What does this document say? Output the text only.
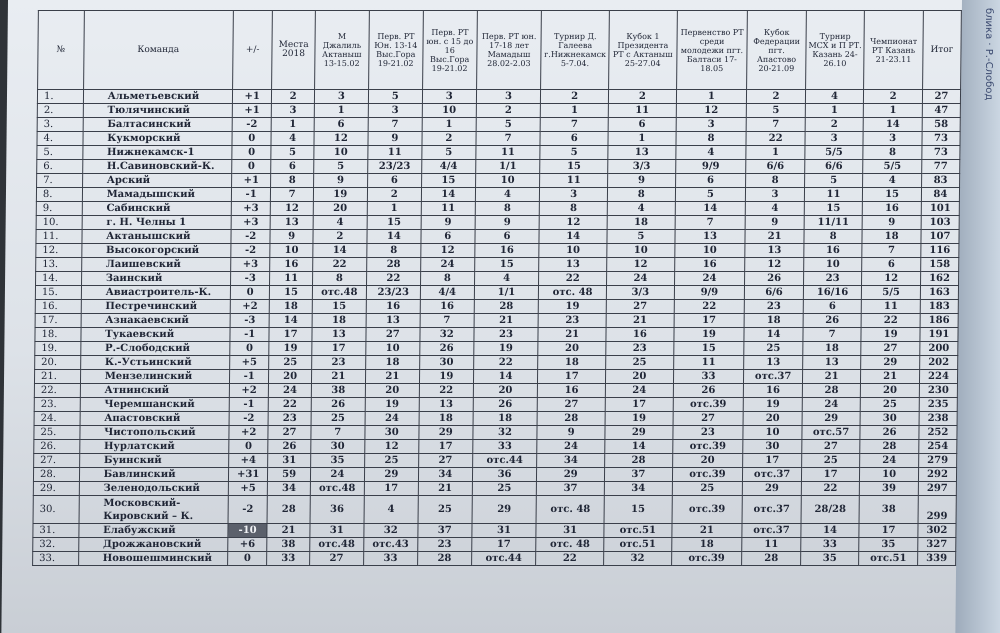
блика · Р.-Слобод
№	Команда	+/-	Места 2018	М Джалиль Актаныш 13-15.02	Перв. РТ Юн. 13-14 Выс.Гора 19-21.02	Перв. РТ юн. с 15 до 16 Выс.Гора 19-21.02	Перв. РТ юн. 17-18 лет Мамадыш 28.02-2.03	Турнир Д. Галеева г.Нижнекамск 5-7.04.	Кубок 1 Президента РТ с Актаныш 25-27.04	Первенство РТ среди молодежи пгт. Балтаси 17-18.05	Кубок Федерации пгт. Апастово 20-21.09	Турнир МСХ и П РТ. Казань 24-26.10	Чемпионат РТ Казань 21-23.11	Итог
1.	Альметьевский	+1	2	3	5	3	3	2	2	1	2	4	2	27
2.	Тюлячинский	+1	3	1	3	10	2	1	11	12	5	1	1	47
3.	Балтасинский	-2	1	6	7	1	5	7	6	3	7	2	14	58
4.	Кукморский	0	4	12	9	2	7	6	1	8	22	3	3	73
5.	Нижнекамск-1	0	5	10	11	5	11	5	13	4	1	5/5	8	73
6.	Н.Савиновский-К.	0	6	5	23/23	4/4	1/1	15	3/3	9/9	6/6	6/6	5/5	77
7.	Арский	+1	8	9	6	15	10	11	9	6	8	5	4	83
8.	Мамадышский	-1	7	19	2	14	4	3	8	5	3	11	15	84
9.	Сабинский	+3	12	20	1	11	8	8	4	14	4	15	16	101
10.	г. Н. Челны 1	+3	13	4	15	9	9	12	18	7	9	11/11	9	103
11.	Актанышский	-2	9	2	14	6	6	14	5	13	21	8	18	107
12.	Высокогорский	-2	10	14	8	12	16	10	10	10	13	16	7	116
13.	Лаишевский	+3	16	22	28	24	15	13	12	16	12	10	6	158
14.	Заинский	-3	11	8	22	8	4	22	24	24	26	23	12	162
15.	Авиастроитель-К.	0	15	отс.48	23/23	4/4	1/1	отс. 48	3/3	9/9	6/6	16/16	5/5	163
16.	Пестречинский	+2	18	15	16	16	28	19	27	22	23	6	11	183
17.	Азнакаевский	-3	14	18	13	7	21	23	21	17	18	26	22	186
18.	Тукаевский	-1	17	13	27	32	23	21	16	19	14	7	19	191
19.	Р.-Слободский	0	19	17	10	26	19	20	23	15	25	18	27	200
20.	К.-Устьинский	+5	25	23	18	30	22	18	25	11	13	13	29	202
21.	Мензелинский	-1	20	21	21	19	14	17	20	33	отс.37	21	21	224
22.	Атнинский	+2	24	38	20	22	20	16	24	26	16	28	20	230
23.	Черемшанский	-1	22	26	19	13	26	27	17	отс.39	19	24	25	235
24.	Апастовский	-2	23	25	24	18	18	28	19	27	20	29	30	238
25.	Чистопольский	+2	27	7	30	29	32	9	29	23	10	отс.57	26	252
26.	Нурлатский	0	26	30	12	17	33	24	14	отс.39	30	27	28	254
27.	Буинский	+4	31	35	25	27	отс.44	34	28	20	17	25	24	279
28.	Бавлинский	+31	59	24	29	34	36	29	37	отс.39	отс.37	17	10	292
29.	Зеленодольский	+5	34	отс.48	17	21	25	37	34	25	29	22	39	297
30.	Московский-Кировский – К.	-2	28	36	4	25	29	отс. 48	15	отс.39	отс.37	28/28	38	299
31.	Елабужский	-10	21	31	32	37	31	31	отс.51	21	отс.37	14	17	302
32.	Дрожжановский	+6	38	отс.48	отс.43	23	17	отс. 48	отс.51	18	11	33	35	327
33.	Новошешминский	0	33	27	33	28	отс.44	22	32	отс.39	28	35	отс.51	339
